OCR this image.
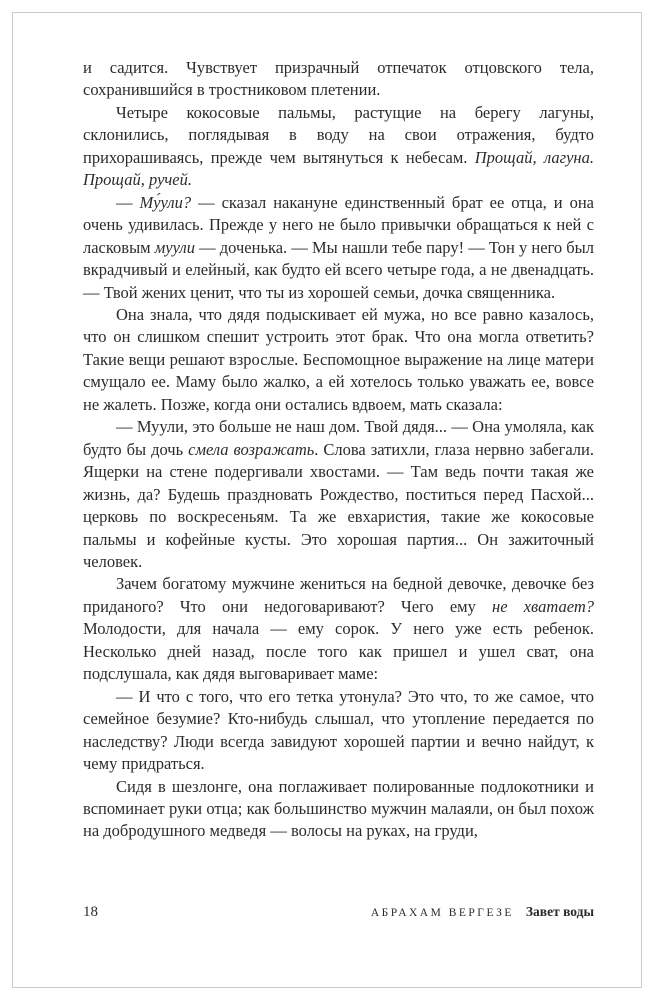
и садится. Чувствует призрачный отпечаток отцовского тела, сохранившийся в тростниковом плетении.

Четыре кокосовые пальмы, растущие на берегу лагуны, склонились, поглядывая в воду на свои отражения, будто прихорашиваясь, прежде чем вытянуться к небесам. Прощай, лагуна. Прощай, ручей.

— Му́ули? — сказал накануне единственный брат ее отца, и она очень удивилась. Прежде у него не было привычки обращаться к ней с ласковым муули — доченька. — Мы нашли тебе пару! — Тон у него был вкрадчивый и елейный, как будто ей всего четыре года, а не двенадцать. — Твой жених ценит, что ты из хорошей семьи, дочка священника.

Она знала, что дядя подыскивает ей мужа, но все равно казалось, что он слишком спешит устроить этот брак. Что она могла ответить? Такие вещи решают взрослые. Беспомощное выражение на лице матери смущало ее. Маму было жалко, а ей хотелось только уважать ее, вовсе не жалеть. Позже, когда они остались вдвоем, мать сказала:

— Муули, это больше не наш дом. Твой дядя... — Она умоляла, как будто бы дочь смела возражать. Слова затихли, глаза нервно забегали. Ящерки на стене подергивали хвостами. — Там ведь почти такая же жизнь, да? Будешь праздновать Рождество, поститься перед Пасхой... церковь по воскресеньям. Та же евхаристия, такие же кокосовые пальмы и кофейные кусты. Это хорошая партия... Он зажиточный человек.

Зачем богатому мужчине жениться на бедной девочке, девочке без приданого? Что они недоговаривают? Чего ему не хватает? Молодости, для начала — ему сорок. У него уже есть ребенок. Несколько дней назад, после того как пришел и ушел сват, она подслушала, как дядя выговаривает маме:

— И что с того, что его тетка утонула? Это что, то же самое, что семейное безумие? Кто-нибудь слышал, что утопление передается по наследству? Люди всегда завидуют хорошей партии и вечно найдут, к чему придраться.

Сидя в шезлонге, она поглаживает полированные подлокотники и вспоминает руки отца; как большинство мужчин малаяли, он был похож на добродушного медведя — волосы на руках, на груди,

18	АБРАХАМ ВЕРГЕЗЕ Завет воды
